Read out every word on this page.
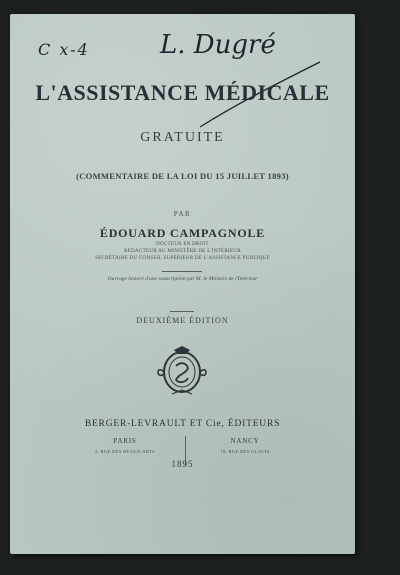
C x-4	L. Dugré
L'ASSISTANCE MÉDICALE
GRATUITE
(COMMENTAIRE DE LA LOI DU 15 JUILLET 1893)
PAR
ÉDOUARD CAMPAGNOLE
DOCTEUR EN DROIT
RÉDACTEUR AU MINISTÈRE DE L'INTÉRIEUR
SECRÉTAIRE DU CONSEIL SUPÉRIEUR DE L'ASSISTANCE PUBLIQUE
Ouvrage honoré d'une souscription par M. le Ministre de l'Intérieur
DEUXIÈME ÉDITION
BERGER-LEVRAULT ET Cie, ÉDITEURS
PARIS	NANCY
5, RUE DES BEAUX-ARTS	18, RUE DES GLACIS
1895
